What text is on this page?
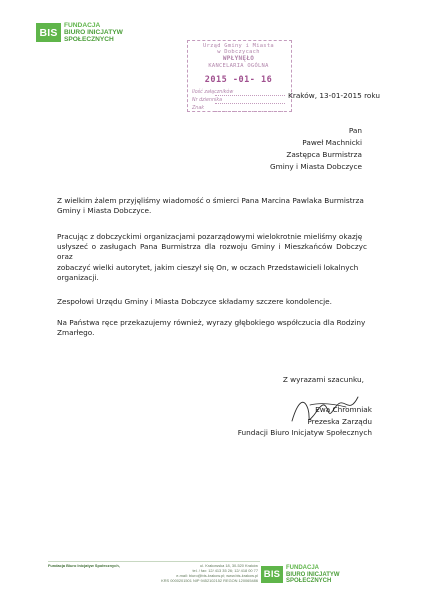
BIS
FUNDACJA
BIURO INICJATYW
SPOŁECZNYCH
Urząd Gminy i Miasta
w Dobczycach
WPŁYNĘŁO
KANCELARIA OGÓLNA
2015 -01- 16
Ilość załączników
Nr dziennika
Znak
Kraków, 13-01-2015 roku
Pan
Paweł Machnicki
Zastępca Burmistrza
Gminy i Miasta Dobczyce
Z wielkim żalem przyjęliśmy wiadomość o śmierci Pana Marcina Pawlaka Burmistrza
Gminy i Miasta Dobczyce.
Pracując z dobczyckimi organizacjami pozarządowymi wielokrotnie mieliśmy okazję
usłyszeć o zasługach Pana Burmistrza dla rozwoju Gminy i Mieszkańców Dobczyc oraz
zobaczyć wielki autorytet, jakim cieszył się On, w oczach Przedstawicieli lokalnych
organizacji.
Zespołowi Urzędu Gminy i Miasta Dobczyce składamy szczere kondolencje.
Na Państwa ręce przekazujemy również, wyrazy głębokiego współczucia dla Rodziny
Zmarłego.
Z wyrazami szacunku,
Ewa Chromniak
Prezeska Zarządu
Fundacji Biuro Inicjatyw Społecznych
Fundacja Biuro Inicjatyw Społecznych,	ul. Krakowska 18, 30-520 Kraków
tel. / fax: 12/ 413 35 26; 12/ 418 00 77
e-mail: biuro@bis-krakow.pl; www.bis-krakow.pl
KRS 0000201501 NIP 9452102152 REGON 120065486
BIS
FUNDACJA
BIURO INICJATYW
SPOŁECZNYCH
